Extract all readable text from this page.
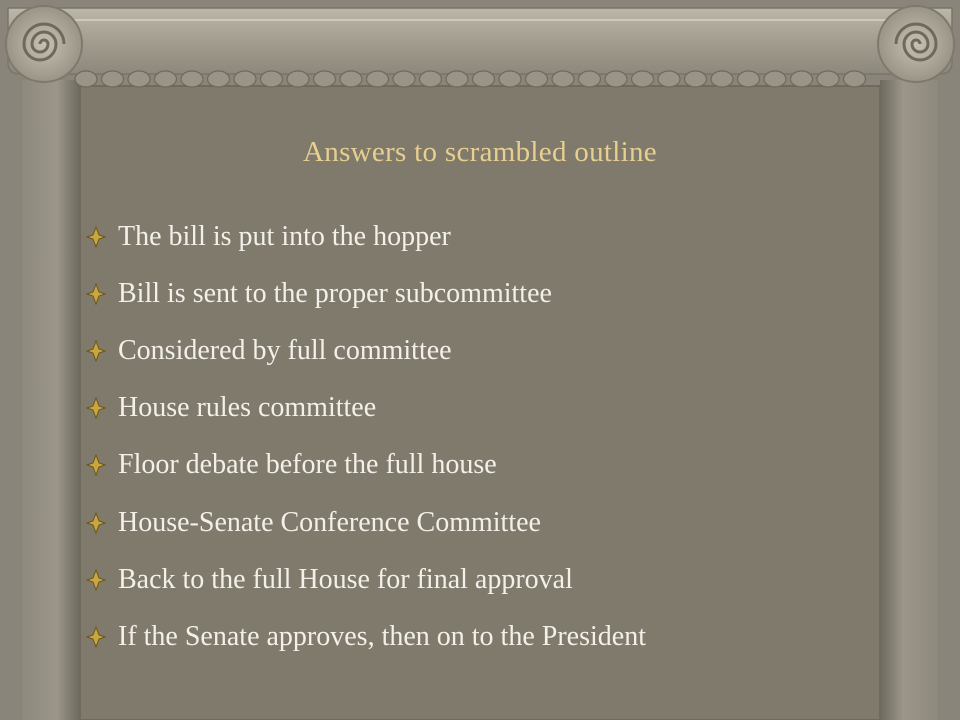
Answers to scrambled outline
The bill is put into the hopper
Bill is sent to the proper subcommittee
Considered by full committee
House rules committee
Floor debate before the full house
House-Senate Conference Committee
Back to the full House for final approval
If the Senate approves, then on to the President
